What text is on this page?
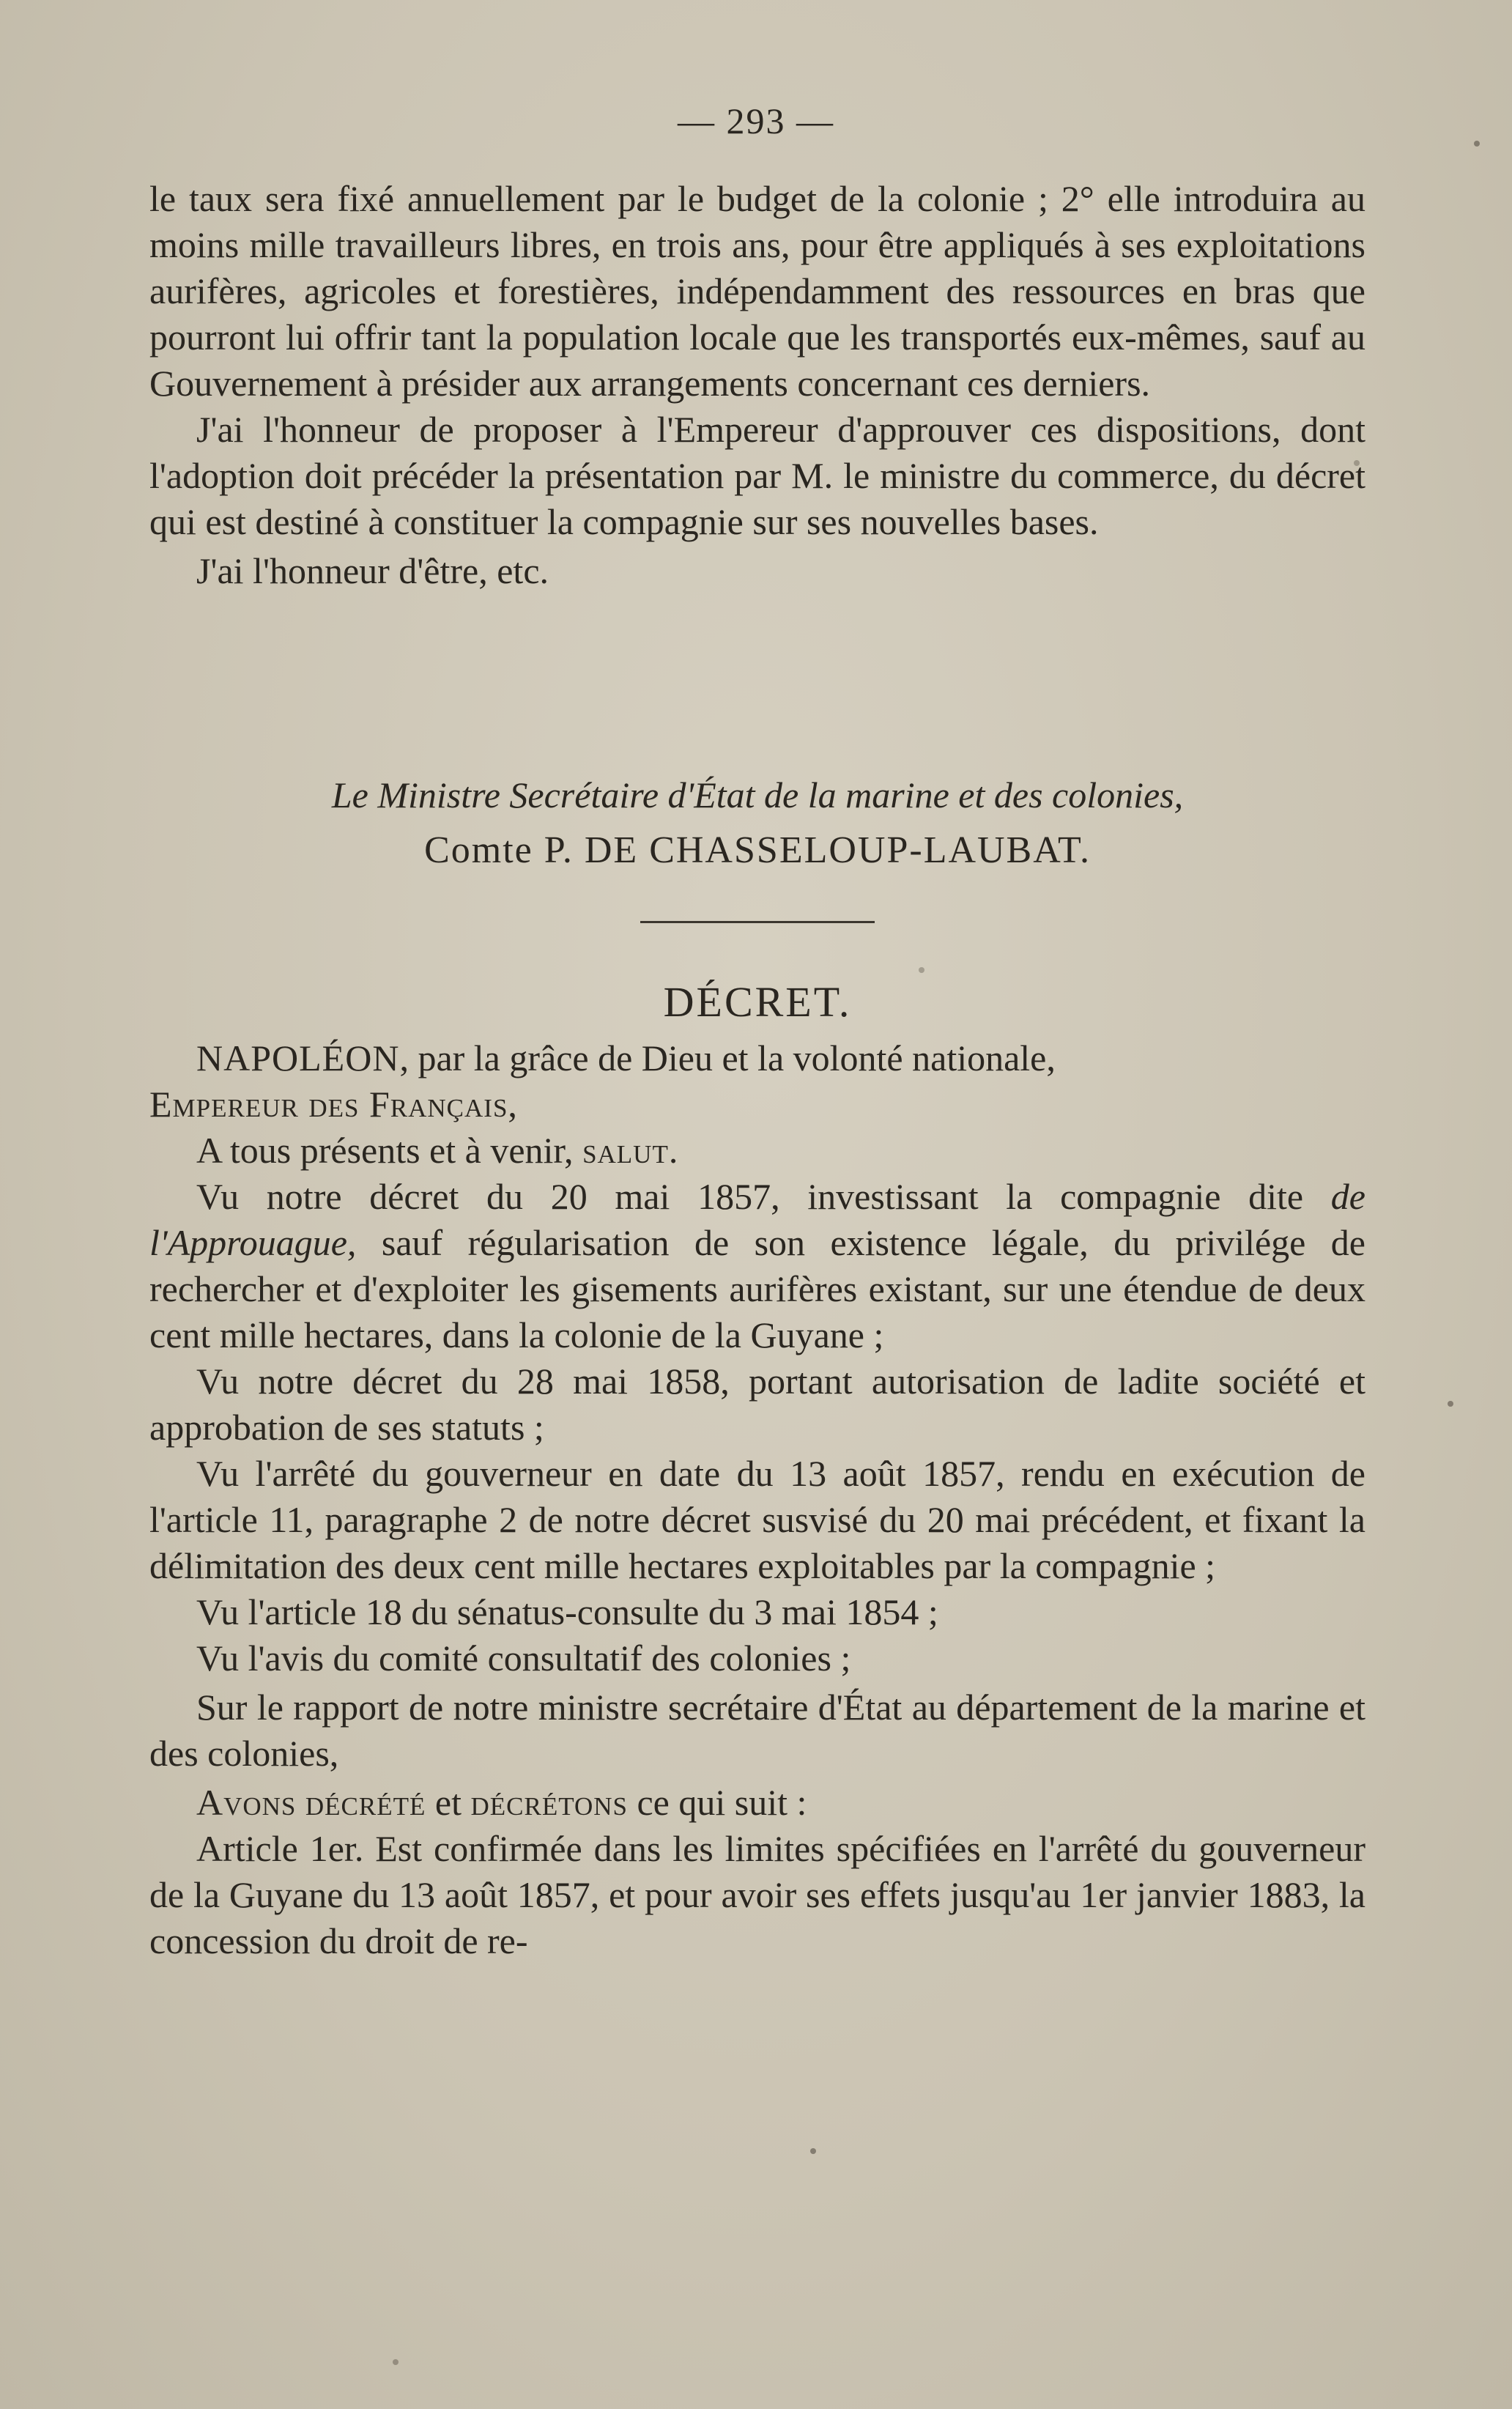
— 293 —

le taux sera fixé annuellement par le budget de la colonie ; 2° elle introduira au moins mille travailleurs libres, en trois ans, pour être appliqués à ses exploitations aurifères, agricoles et forestières, indépendamment des ressources en bras que pourront lui offrir tant la population locale que les transportés eux-mêmes, sauf au Gouvernement à présider aux arrangements concernant ces derniers.

J'ai l'honneur de proposer à l'Empereur d'approuver ces dispositions, dont l'adoption doit précéder la présentation par M. le ministre du commerce, du décret qui est destiné à constituer la compagnie sur ses nouvelles bases.

J'ai l'honneur d'être, etc.

Le Ministre Secrétaire d'État de la marine et des colonies,

Comte P. DE CHASSELOUP-LAUBAT.

DÉCRET.

NAPOLÉON, par la grâce de Dieu et la volonté nationale,

Empereur des Français,

A tous présents et à venir, salut.

Vu notre décret du 20 mai 1857, investissant la compagnie dite de l'Approuague, sauf régularisation de son existence légale, du privilége de rechercher et d'exploiter les gisements aurifères existant, sur une étendue de deux cent mille hectares, dans la colonie de la Guyane ;

Vu notre décret du 28 mai 1858, portant autorisation de ladite société et approbation de ses statuts ;

Vu l'arrêté du gouverneur en date du 13 août 1857, rendu en exécution de l'article 11, paragraphe 2 de notre décret susvisé du 20 mai précédent, et fixant la délimitation des deux cent mille hectares exploitables par la compagnie ;

Vu l'article 18 du sénatus-consulte du 3 mai 1854 ;

Vu l'avis du comité consultatif des colonies ;

Sur le rapport de notre ministre secrétaire d'État au département de la marine et des colonies,

Avons décrété et décrétons ce qui suit :

Article 1er. Est confirmée dans les limites spécifiées en l'arrêté du gouverneur de la Guyane du 13 août 1857, et pour avoir ses effets jusqu'au 1er janvier 1883, la concession du droit de re-
